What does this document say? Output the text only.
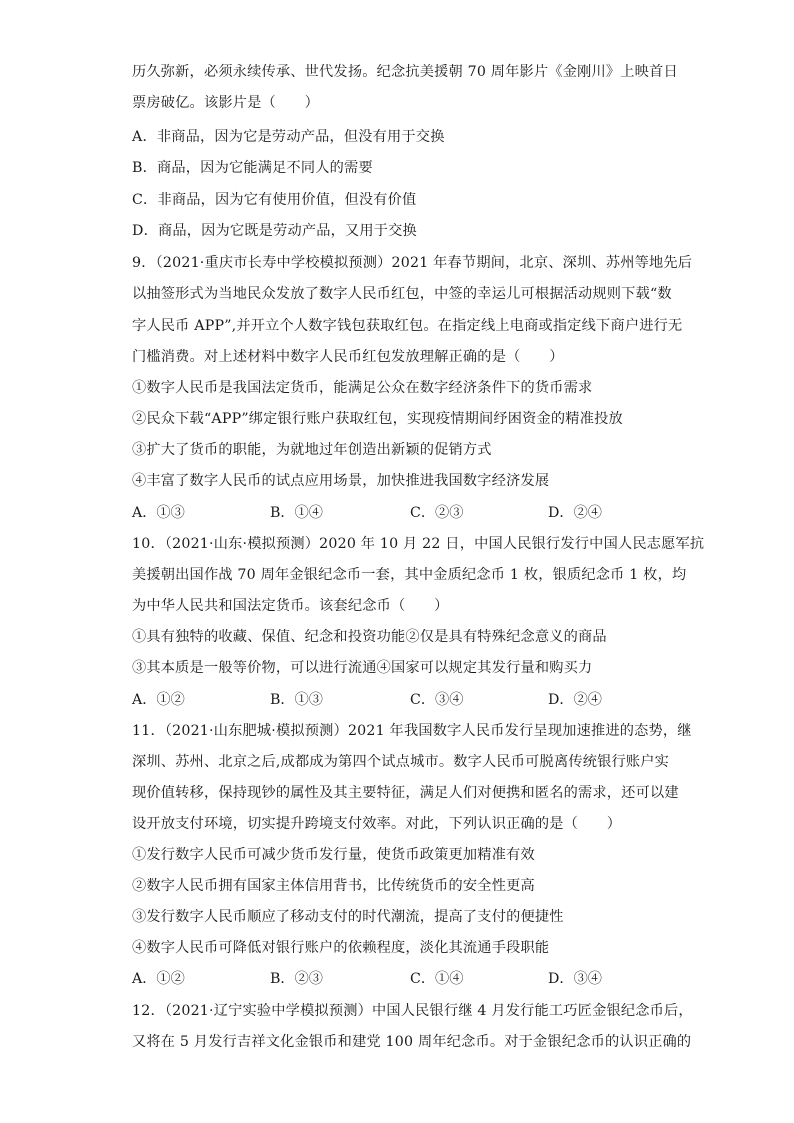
历久弥新，必须永续传承、世代发扬。纪念抗美援朝 70 周年影片《金刚川》上映首日
票房破亿。该影片是（　　）
A．非商品，因为它是劳动产品，但没有用于交换
B．商品，因为它能满足不同人的需要
C．非商品，因为它有使用价值，但没有价值
D．商品，因为它既是劳动产品，又用于交换
9．（2021·重庆市长寿中学校模拟预测）2021 年春节期间，北京、深圳、苏州等地先后
以抽签形式为当地民众发放了数字人民币红包，中签的幸运儿可根据活动规则下载“数
字人民币 APP”,并开立个人数字钱包获取红包。在指定线上电商或指定线下商户进行无
门槛消费。对上述材料中数字人民币红包发放理解正确的是（　　）
①数字人民币是我国法定货币，能满足公众在数字经济条件下的货币需求
②民众下载“APP”绑定银行账户获取红包，实现疫情期间纾困资金的精准投放
③扩大了货币的职能，为就地过年创造出新颖的促销方式
④丰富了数字人民币的试点应用场景，加快推进我国数字经济发展
A．①③	B．①④	C．②③	D．②④
10．（2021·山东·模拟预测）2020 年 10 月 22 日，中国人民银行发行中国人民志愿军抗
美援朝出国作战 70 周年金银纪念币一套，其中金质纪念币 1 枚，银质纪念币 1 枚，均
为中华人民共和国法定货币。该套纪念币（　　）
①具有独特的收藏、保值、纪念和投资功能②仅是具有特殊纪念意义的商品
③其本质是一般等价物，可以进行流通④国家可以规定其发行量和购买力
A．①②	B．①③	C．③④	D．②④
11．（2021·山东肥城·模拟预测）2021 年我国数字人民币发行呈现加速推进的态势，继
深圳、苏州、北京之后,成都成为第四个试点城市。数字人民币可脱离传统银行账户实
现价值转移，保持现钞的属性及其主要特征，满足人们对便携和匿名的需求，还可以建
设开放支付环境，切实提升跨境支付效率。对此，下列认识正确的是（　　）
①发行数字人民币可减少货币发行量，使货币政策更加精准有效
②数字人民币拥有国家主体信用背书，比传统货币的安全性更高
③发行数字人民币顺应了移动支付的时代潮流，提高了支付的便捷性
④数字人民币可降低对银行账户的依赖程度，淡化其流通手段职能
A．①②	B．②③	C．①④	D．③④
12．（2021·辽宁实验中学模拟预测）中国人民银行继 4 月发行能工巧匠金银纪念币后，
又将在 5 月发行吉祥文化金银币和建党 100 周年纪念币。对于金银纪念币的认识正确的
